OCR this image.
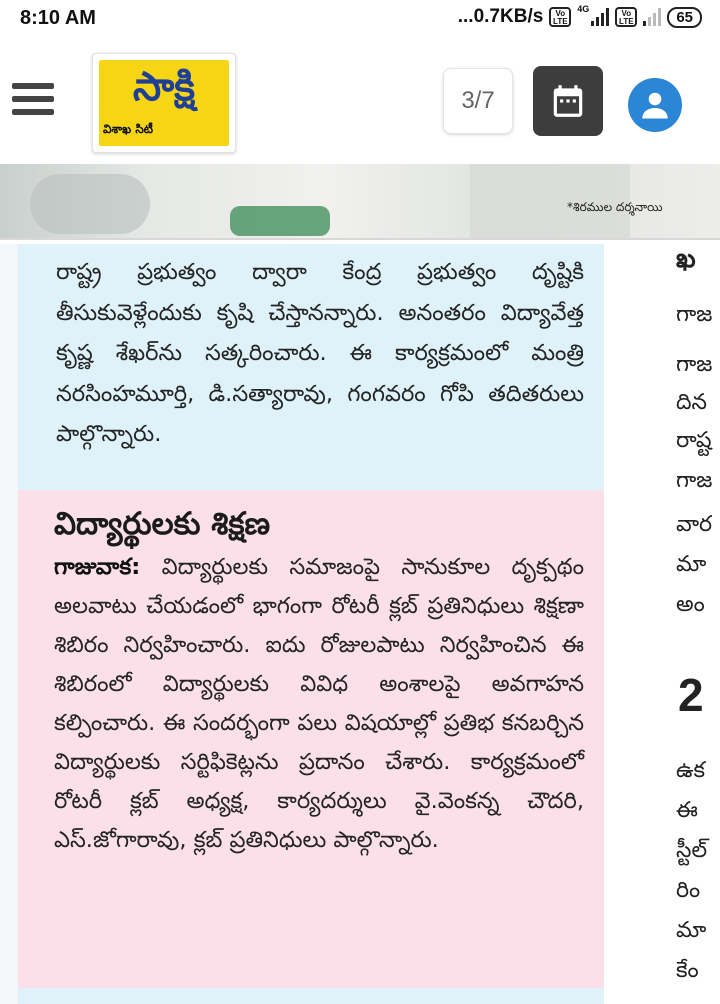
8:10 AM	...0.7KB/s	Vo
LTE
4G	Vo
LTE	65
సాక్షి
విశాఖ సిటీ
3/7
*శిరముల దర్శనాయి

రాష్ట్ర ప్రభుత్వం ద్వారా కేంద్ర ప్రభుత్వం దృష్టికి తీసుకువెళ్లేందుకు కృషి చేస్తానన్నారు. అనంతరం విద్యావేత్త కృష్ణ శేఖర్‌ను సత్కరించారు. ఈ కార్యక్రమంలో మంత్రి నరసింహమూర్తి, డి.సత్యారావు, గంగవరం గోపి తదితరులు పాల్గొన్నారు.

విద్యార్థులకు శిక్షణ

గాజువాక: విద్యార్థులకు సమాజంపై సానుకూల దృక్పథం అలవాటు చేయడంలో భాగంగా రోటరీ క్లబ్ ప్రతినిధులు శిక్షణా శిబిరం నిర్వహించారు. ఐదు రోజులపాటు నిర్వహించిన ఈ శిబిరంలో విద్యార్థులకు వివిధ అంశాలపై అవగాహన కల్పించారు. ఈ సందర్భంగా పలు విషయాల్లో ప్రతిభ కనబర్చిన విద్యార్థులకు సర్టిఫికెట్లను ప్రదానం చేశారు. కార్యక్రమంలో రోటరీ క్లబ్ అధ్యక్ష, కార్యదర్శులు వై.వెంకన్న చౌదరి, ఎస్.జోగారావు, క్లబ్ ప్రతినిధులు పాల్గొన్నారు.

ఖ
గాజ
గాజ
దిన
రాష్ట
గాజ
వార
మా
అం
2
ఉక
ఈ
స్టీల్
రిం
మా
కేం
